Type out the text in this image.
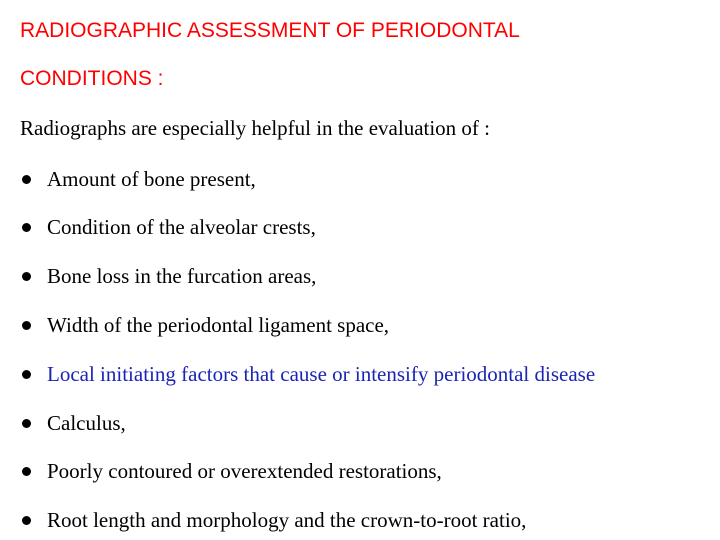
RADIOGRAPHIC ASSESSMENT OF PERIODONTAL
CONDITIONS :
Radiographs are especially helpful in the evaluation of :
Amount of bone present,
Condition of the alveolar crests,
Bone loss in the furcation areas,
Width of the periodontal ligament space,
Local initiating factors that cause or intensify periodontal disease
Calculus,
Poorly contoured or overextended restorations,
Root length and morphology and the crown-to-root ratio,
